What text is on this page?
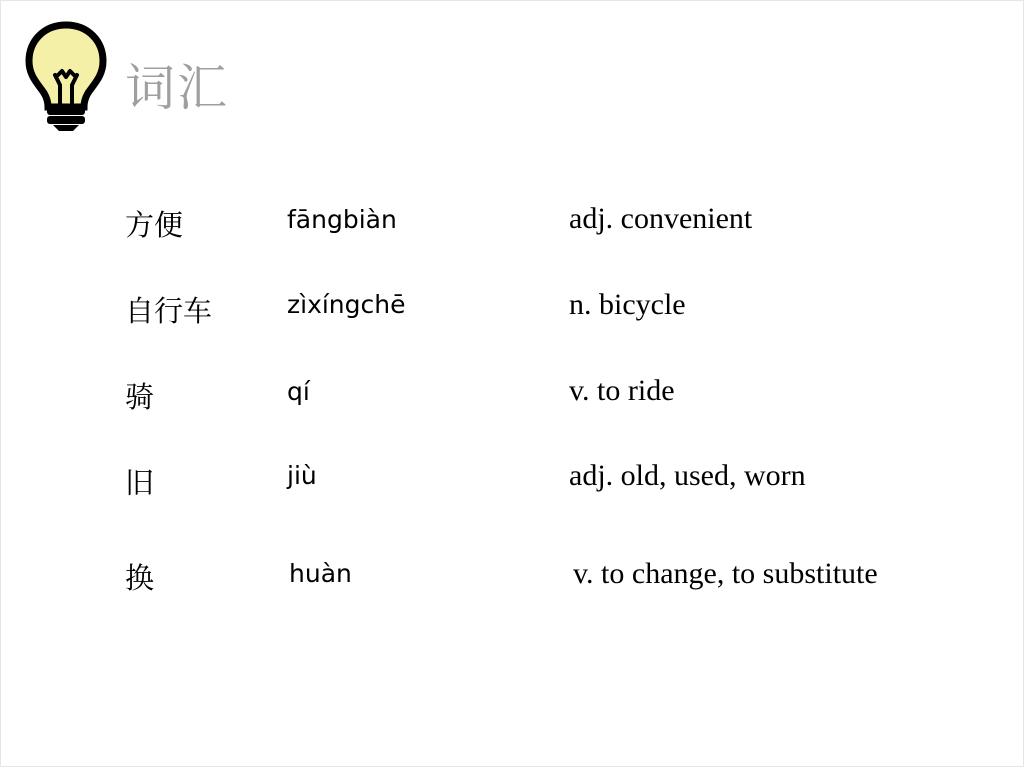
词汇
方便	fāngbiàn	adj. convenient
自行车	zìxíngchē	n. bicycle
骑	qí	v. to ride
旧	jiù	adj. old, used, worn
换	huàn	v. to change, to substitute
